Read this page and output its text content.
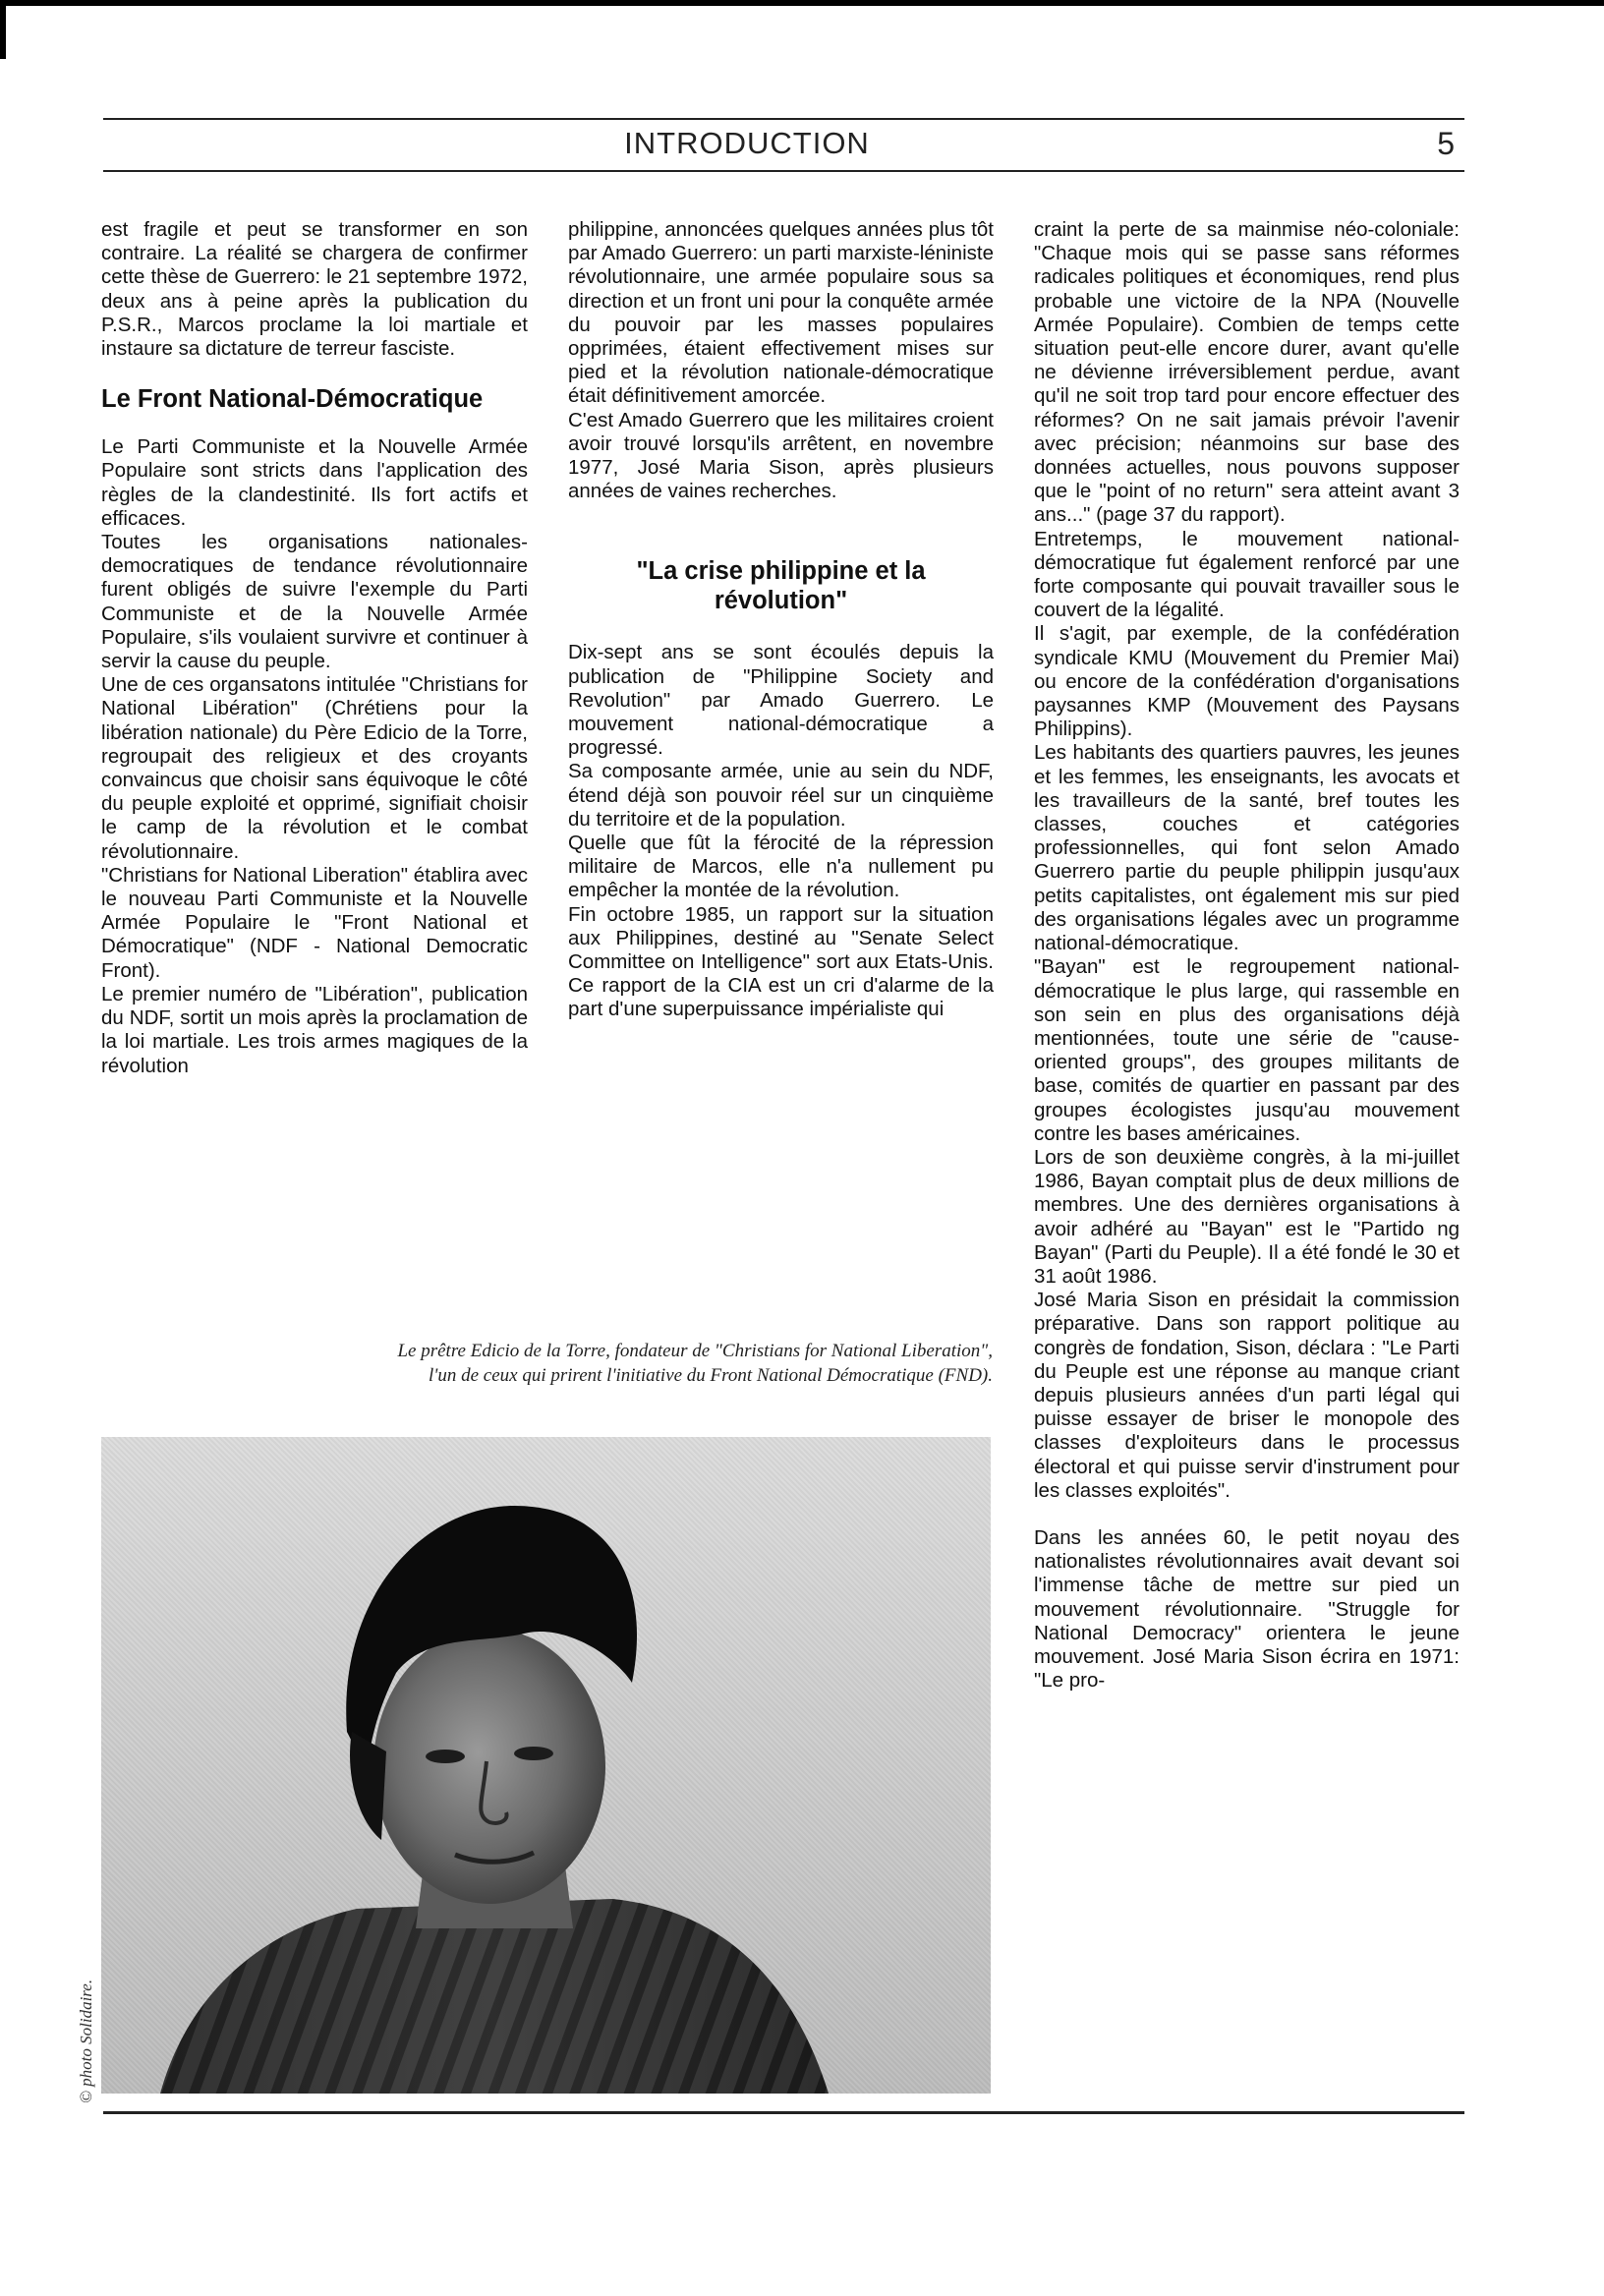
INTRODUCTION	5

est fragile et peut se transformer en son contraire. La réalité se chargera de confirmer cette thèse de Guerrero: le 21 septembre 1972, deux ans à peine après la publication du P.S.R., Marcos proclame la loi martiale et instaure sa dictature de terreur fasciste.

Le Front National-Démocratique

Le Parti Communiste et la Nouvelle Armée Populaire sont stricts dans l'application des règles de la clandestinité. Ils fort actifs et efficaces.

Toutes les organisations nationales-democratiques de tendance révolutionnaire furent obligés de suivre l'exemple du Parti Communiste et de la Nouvelle Armée Populaire, s'ils voulaient survivre et continuer à servir la cause du peuple.

Une de ces organsatons intitulée "Christians for National Libération" (Chrétiens pour la libération nationale) du Père Edicio de la Torre, regroupait des religieux et des croyants convaincus que choisir sans équivoque le côté du peuple exploité et opprimé, signifiait choisir le camp de la révolution et le combat révolutionnaire.

"Christians for National Liberation" établira avec le nouveau Parti Communiste et la Nouvelle Armée Populaire le "Front National et Démocratique" (NDF - National Democratic Front).

Le premier numéro de "Libération", publication du NDF, sortit un mois après la proclamation de la loi martiale. Les trois armes magiques de la révolution

philippine, annoncées quelques années plus tôt par Amado Guerrero: un parti marxiste-léniniste révolutionnaire, une armée populaire sous sa direction et un front uni pour la conquête armée du pouvoir par les masses populaires opprimées, étaient effectivement mises sur pied et la révolution nationale-démocratique était définitivement amorcée.

C'est Amado Guerrero que les militaires croient avoir trouvé lorsqu'ils arrêtent, en novembre 1977, José Maria Sison, après plusieurs années de vaines recherches.

"La crise philippine et la révolution"

Dix-sept ans se sont écoulés depuis la publication de "Philippine Society and Revolution" par Amado Guerrero. Le mouvement national-démocratique a progressé.

Sa composante armée, unie au sein du NDF, étend déjà son pouvoir réel sur un cinquième du territoire et de la population.

Quelle que fût la férocité de la répression militaire de Marcos, elle n'a nullement pu empêcher la montée de la révolution.

Fin octobre 1985, un rapport sur la situation aux Philippines, destiné au "Senate Select Committee on Intelligence" sort aux Etats-Unis. Ce rapport de la CIA est un cri d'alarme de la part d'une superpuissance impérialiste qui

craint la perte de sa mainmise néo-coloniale: "Chaque mois qui se passe sans réformes radicales politiques et économiques, rend plus probable une victoire de la NPA (Nouvelle Armée Populaire). Combien de temps cette situation peut-elle encore durer, avant qu'elle ne dévienne irréversiblement perdue, avant qu'il ne soit trop tard pour encore effectuer des réformes? On ne sait jamais prévoir l'avenir avec précision; néanmoins sur base des données actuelles, nous pouvons supposer que le "point of no return" sera atteint avant 3 ans..." (page 37 du rapport).

Entretemps, le mouvement national-démocratique fut également renforcé par une forte composante qui pouvait travailler sous le couvert de la légalité.

Il s'agit, par exemple, de la confédération syndicale KMU (Mouvement du Premier Mai) ou encore de la confédération d'organisations paysannes KMP (Mouvement des Paysans Philippins).

Les habitants des quartiers pauvres, les jeunes et les femmes, les enseignants, les avocats et les travailleurs de la santé, bref toutes les classes, couches et catégories professionnelles, qui font selon Amado Guerrero partie du peuple philippin jusqu'aux petits capitalistes, ont également mis sur pied des organisations légales avec un programme national-démocratique.

"Bayan" est le regroupement national-démocratique le plus large, qui rassemble en son sein en plus des organisations déjà mentionnées, toute une série de "cause-oriented groups", des groupes militants de base, comités de quartier en passant par des groupes écologistes jusqu'au mouvement contre les bases américaines.

Lors de son deuxième congrès, à la mi-juillet 1986, Bayan comptait plus de deux millions de membres. Une des dernières organisations à avoir adhéré au "Bayan" est le "Partido ng Bayan" (Parti du Peuple). Il a été fondé le 30 et 31 août 1986.

José Maria Sison en présidait la commission préparative. Dans son rapport politique au congrès de fondation, Sison, déclara : "Le Parti du Peuple est une réponse au manque criant depuis plusieurs années d'un parti légal qui puisse essayer de briser le monopole des classes d'exploiteurs dans le processus électoral et qui puisse servir d'instrument pour les classes exploités".

Dans les années 60, le petit noyau des nationalistes révolutionnaires avait devant soi l'immense tâche de mettre sur pied un mouvement révolutionnaire. "Struggle for National Democracy" orientera le jeune mouvement. José Maria Sison écrira en 1971: "Le pro-

Le prêtre Edicio de la Torre, fondateur de "Christians for National Liberation",
l'un de ceux qui prirent l'initiative du Front National Démocratique (FND).
© photo Solidaire.
